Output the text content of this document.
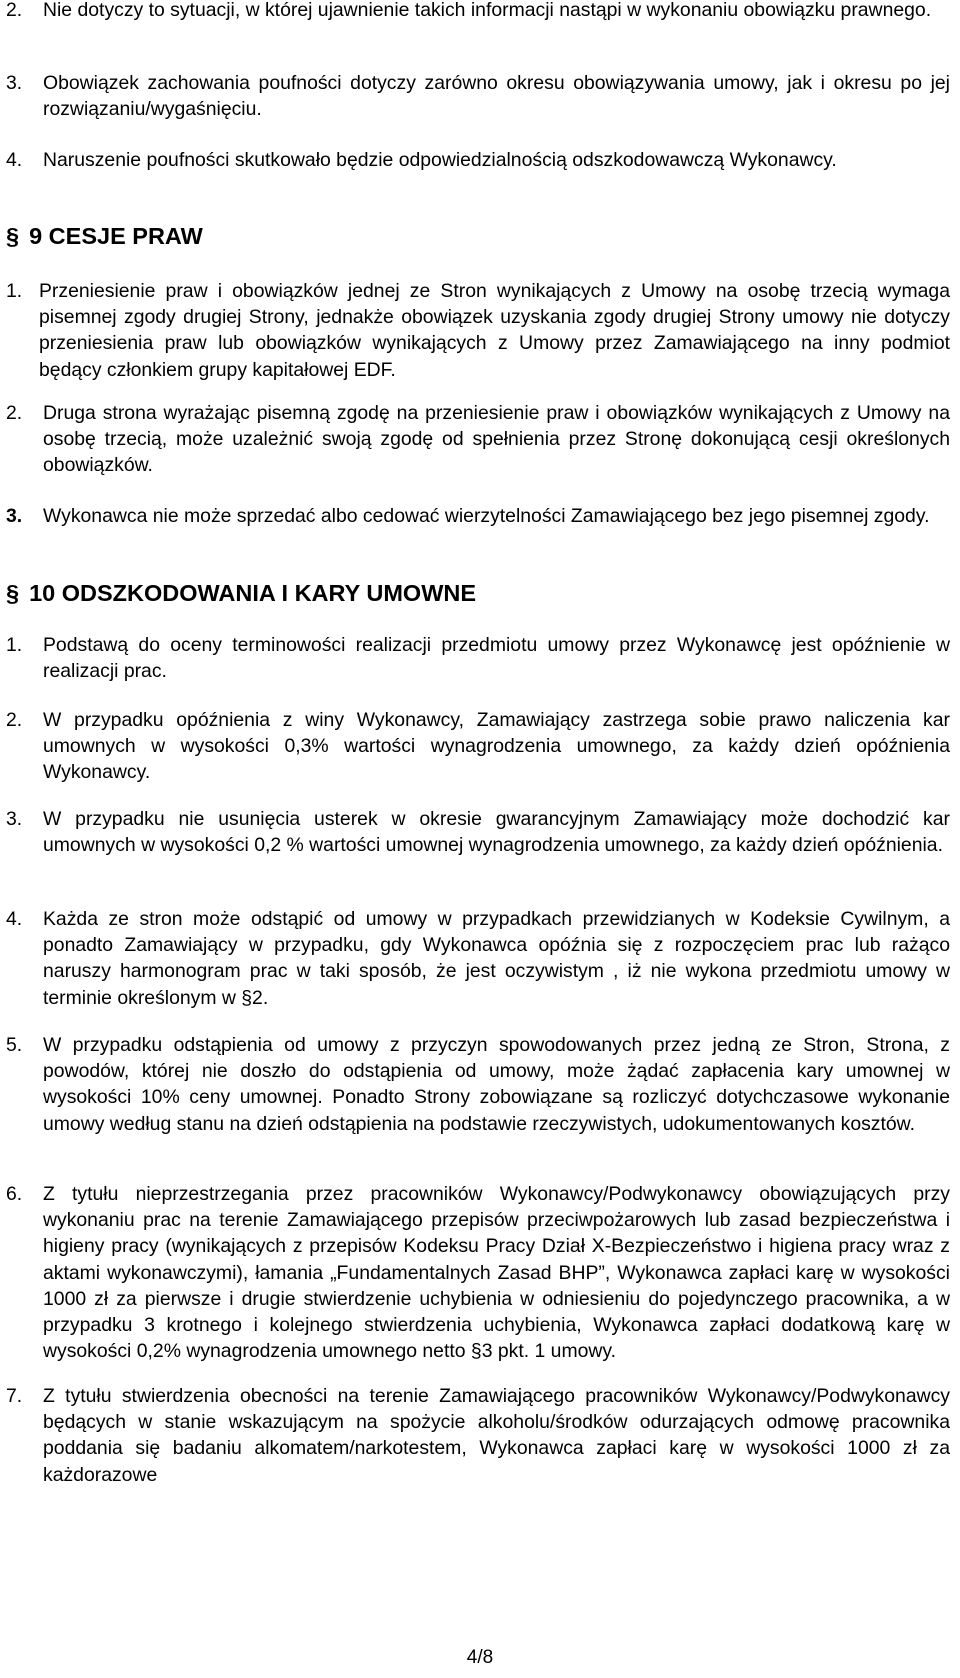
2. Nie dotyczy to sytuacji, w której ujawnienie takich informacji nastąpi w wykonaniu obowiązku prawnego.
3. Obowiązek zachowania poufności dotyczy zarówno okresu obowiązywania umowy, jak i okresu po jej rozwiązaniu/wygaśnięciu.
4. Naruszenie poufności skutkowało będzie odpowiedzialnością odszkodowawczą Wykonawcy.
§ 9 CESJE PRAW
1. Przeniesienie praw i obowiązków jednej ze Stron wynikających z Umowy na osobę trzecią wymaga pisemnej zgody drugiej Strony, jednakże obowiązek uzyskania zgody drugiej Strony umowy nie dotyczy przeniesienia praw lub obowiązków wynikających z Umowy przez Zamawiającego na inny podmiot będący członkiem grupy kapitałowej EDF.
2. Druga strona wyrażając pisemną zgodę na przeniesienie praw i obowiązków wynikających z Umowy na osobę trzecią, może uzależnić swoją zgodę od spełnienia przez Stronę dokonującą cesji określonych obowiązków.
3. Wykonawca nie może sprzedać albo cedować wierzytelności Zamawiającego bez jego pisemnej zgody.
§ 10 ODSZKODOWANIA I KARY UMOWNE
1. Podstawą do oceny terminowości realizacji przedmiotu umowy przez Wykonawcę jest opóźnienie w realizacji prac.
2. W przypadku opóźnienia z winy Wykonawcy, Zamawiający zastrzega sobie prawo naliczenia kar umownych w wysokości 0,3% wartości wynagrodzenia umownego, za każdy dzień opóźnienia Wykonawcy.
3. W przypadku nie usunięcia usterek w okresie gwarancyjnym Zamawiający może dochodzić kar umownych w wysokości 0,2 % wartości umownej wynagrodzenia umownego, za każdy dzień opóźnienia.
4. Każda ze stron może odstąpić od umowy w przypadkach przewidzianych w Kodeksie Cywilnym, a ponadto Zamawiający w przypadku, gdy Wykonawca opóźnia się z rozpoczęciem prac lub rażąco naruszy harmonogram prac w taki sposób, że jest oczywistym , iż nie wykona przedmiotu umowy w terminie określonym w §2.
5. W przypadku odstąpienia od umowy z przyczyn spowodowanych przez jedną ze Stron, Strona, z powodów, której nie doszło do odstąpienia od umowy, może żądać zapłacenia kary umownej w wysokości 10% ceny umownej. Ponadto Strony zobowiązane są rozliczyć dotychczasowe wykonanie umowy według stanu na dzień odstąpienia na podstawie rzeczywistych, udokumentowanych kosztów.
6. Z tytułu nieprzestrzegania przez pracowników Wykonawcy/Podwykonawcy obowiązujących przy wykonaniu prac na terenie Zamawiającego przepisów przeciwpożarowych lub zasad bezpieczeństwa i higieny pracy (wynikających z przepisów Kodeksu Pracy Dział X-Bezpieczeństwo i higiena pracy wraz z aktami wykonawczymi), łamania „Fundamentalnych Zasad BHP”, Wykonawca zapłaci karę w wysokości 1000 zł za pierwsze i drugie stwierdzenie uchybienia w odniesieniu do pojedynczego pracownika, a w przypadku 3 krotnego i kolejnego stwierdzenia uchybienia, Wykonawca zapłaci dodatkową karę w wysokości 0,2% wynagrodzenia umownego netto §3 pkt. 1 umowy.
7. Z tytułu stwierdzenia obecności na terenie Zamawiającego pracowników Wykonawcy/Podwykonawcy będących w stanie wskazującym na spożycie alkoholu/środków odurzających odmowę pracownika poddania się badaniu alkomatem/narkotestem, Wykonawca zapłaci karę w wysokości 1000 zł za każdorazowe
4/8
